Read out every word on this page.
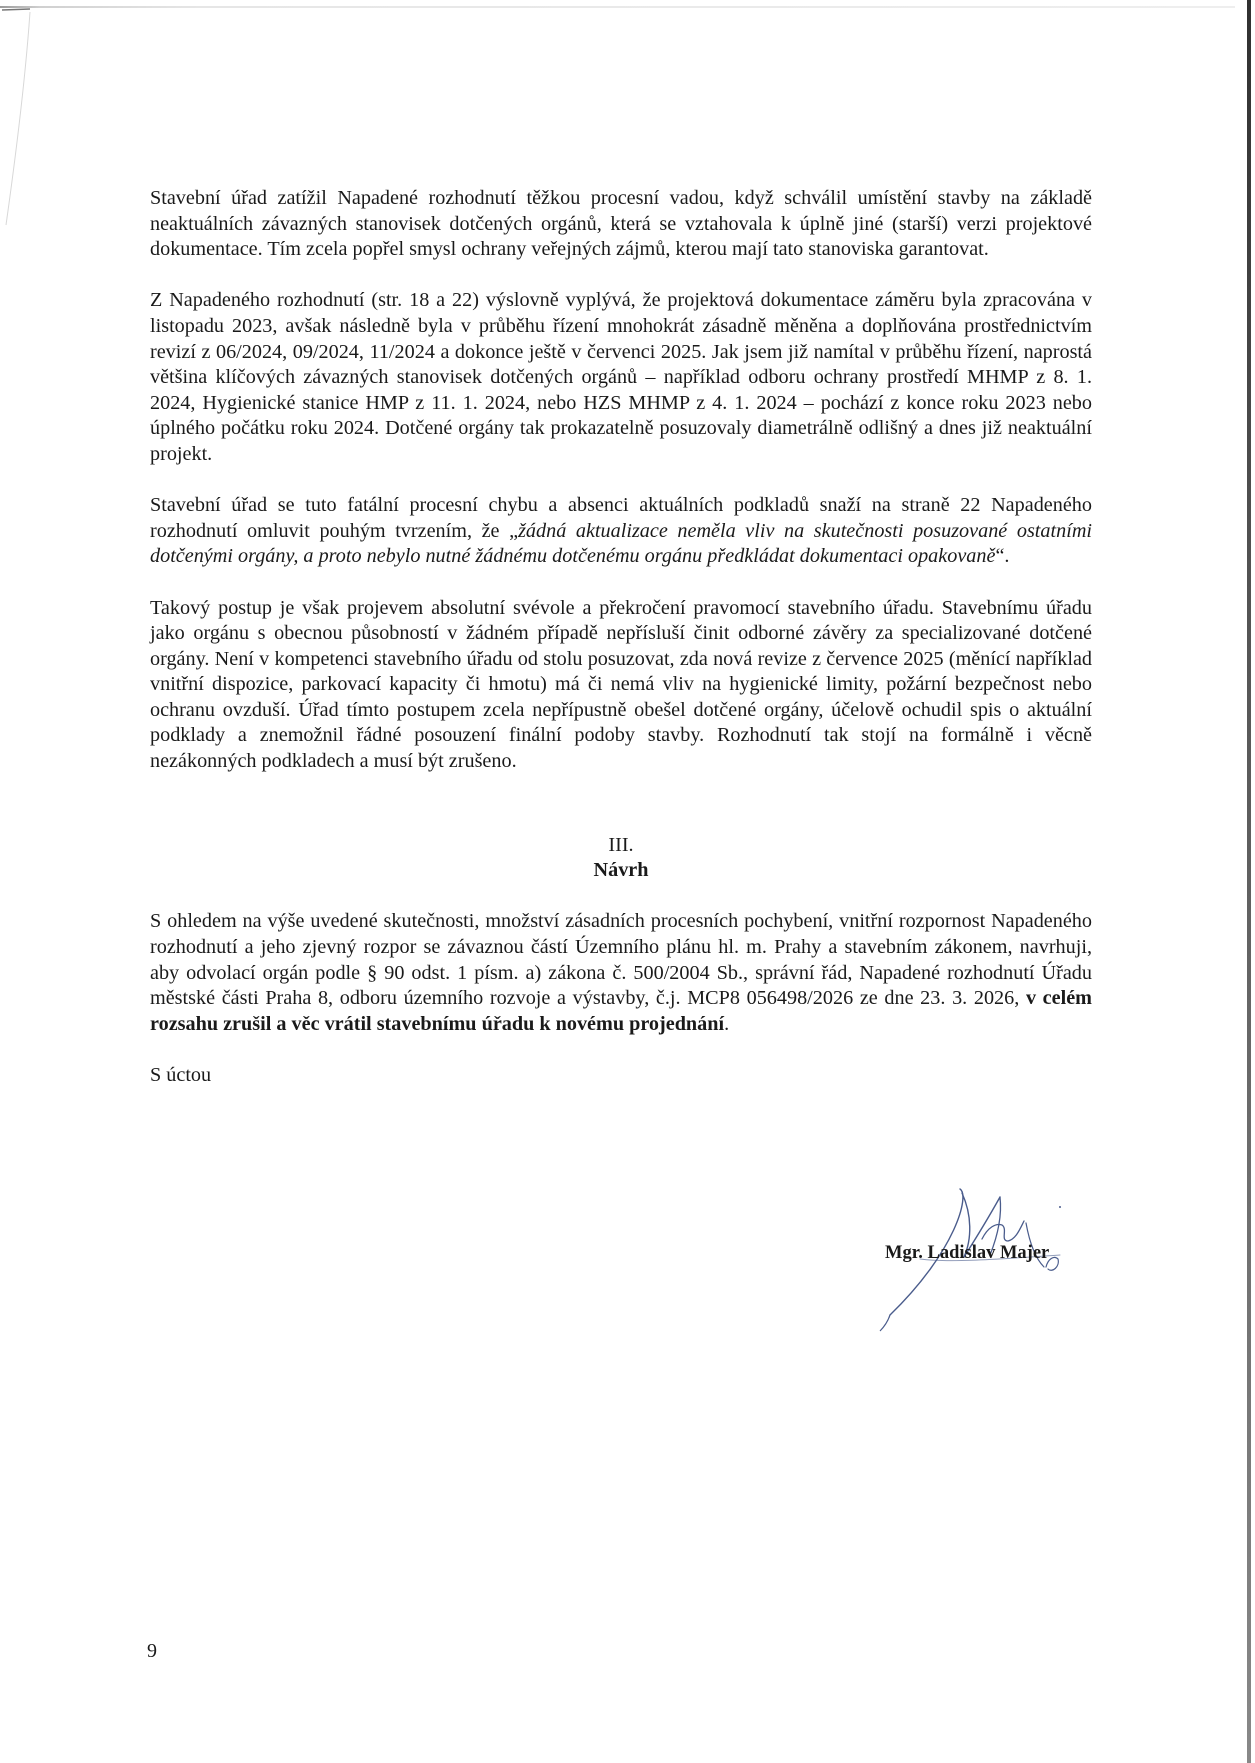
Stavební úřad zatížil Napadené rozhodnutí těžkou procesní vadou, když schválil umístění stavby na základě neaktuálních závazných stanovisek dotčených orgánů, která se vztahovala k úplně jiné (starší) verzi projektové dokumentace. Tím zcela popřel smysl ochrany veřejných zájmů, kterou mají tato stanoviska garantovat.

Z Napadeného rozhodnutí (str. 18 a 22) výslovně vyplývá, že projektová dokumentace záměru byla zpracována v listopadu 2023, avšak následně byla v průběhu řízení mnohokrát zásadně měněna a doplňována prostřednictvím revizí z 06/2024, 09/2024, 11/2024 a dokonce ještě v červenci 2025. Jak jsem již namítal v průběhu řízení, naprostá většina klíčových závazných stanovisek dotčených orgánů – například odboru ochrany prostředí MHMP z 8. 1. 2024, Hygienické stanice HMP z 11. 1. 2024, nebo HZS MHMP z 4. 1. 2024 – pochází z konce roku 2023 nebo úplného počátku roku 2024. Dotčené orgány tak prokazatelně posuzovaly diametrálně odlišný a dnes již neaktuální projekt.

Stavební úřad se tuto fatální procesní chybu a absenci aktuálních podkladů snaží na straně 22 Napadeného rozhodnutí omluvit pouhým tvrzením, že „žádná aktualizace neměla vliv na skutečnosti posuzované ostatními dotčenými orgány, a proto nebylo nutné žádnému dotčenému orgánu předkládat dokumentaci opakovaně“.

Takový postup je však projevem absolutní svévole a překročení pravomocí stavebního úřadu. Stavebnímu úřadu jako orgánu s obecnou působností v žádném případě nepřísluší činit odborné závěry za specializované dotčené orgány. Není v kompetenci stavebního úřadu od stolu posuzovat, zda nová revize z července 2025 (měnící například vnitřní dispozice, parkovací kapacity či hmotu) má či nemá vliv na hygienické limity, požární bezpečnost nebo ochranu ovzduší. Úřad tímto postupem zcela nepřípustně obešel dotčené orgány, účelově ochudil spis o aktuální podklady a znemožnil řádné posouzení finální podoby stavby. Rozhodnutí tak stojí na formálně i věcně nezákonných podkladech a musí být zrušeno.

III.
Návrh

S ohledem na výše uvedené skutečnosti, množství zásadních procesních pochybení, vnitřní rozpornost Napadeného rozhodnutí a jeho zjevný rozpor se závaznou částí Územního plánu hl. m. Prahy a stavebním zákonem, navrhuji, aby odvolací orgán podle § 90 odst. 1 písm. a) zákona č. 500/2004 Sb., správní řád, Napadené rozhodnutí Úřadu městské části Praha 8, odboru územního rozvoje a výstavby, č.j. MCP8 056498/2026 ze dne 23. 3. 2026, v celém rozsahu zrušil a věc vrátil stavebnímu úřadu k novému projednání.

S úctou

Mgr. Ladislav Majer
9
